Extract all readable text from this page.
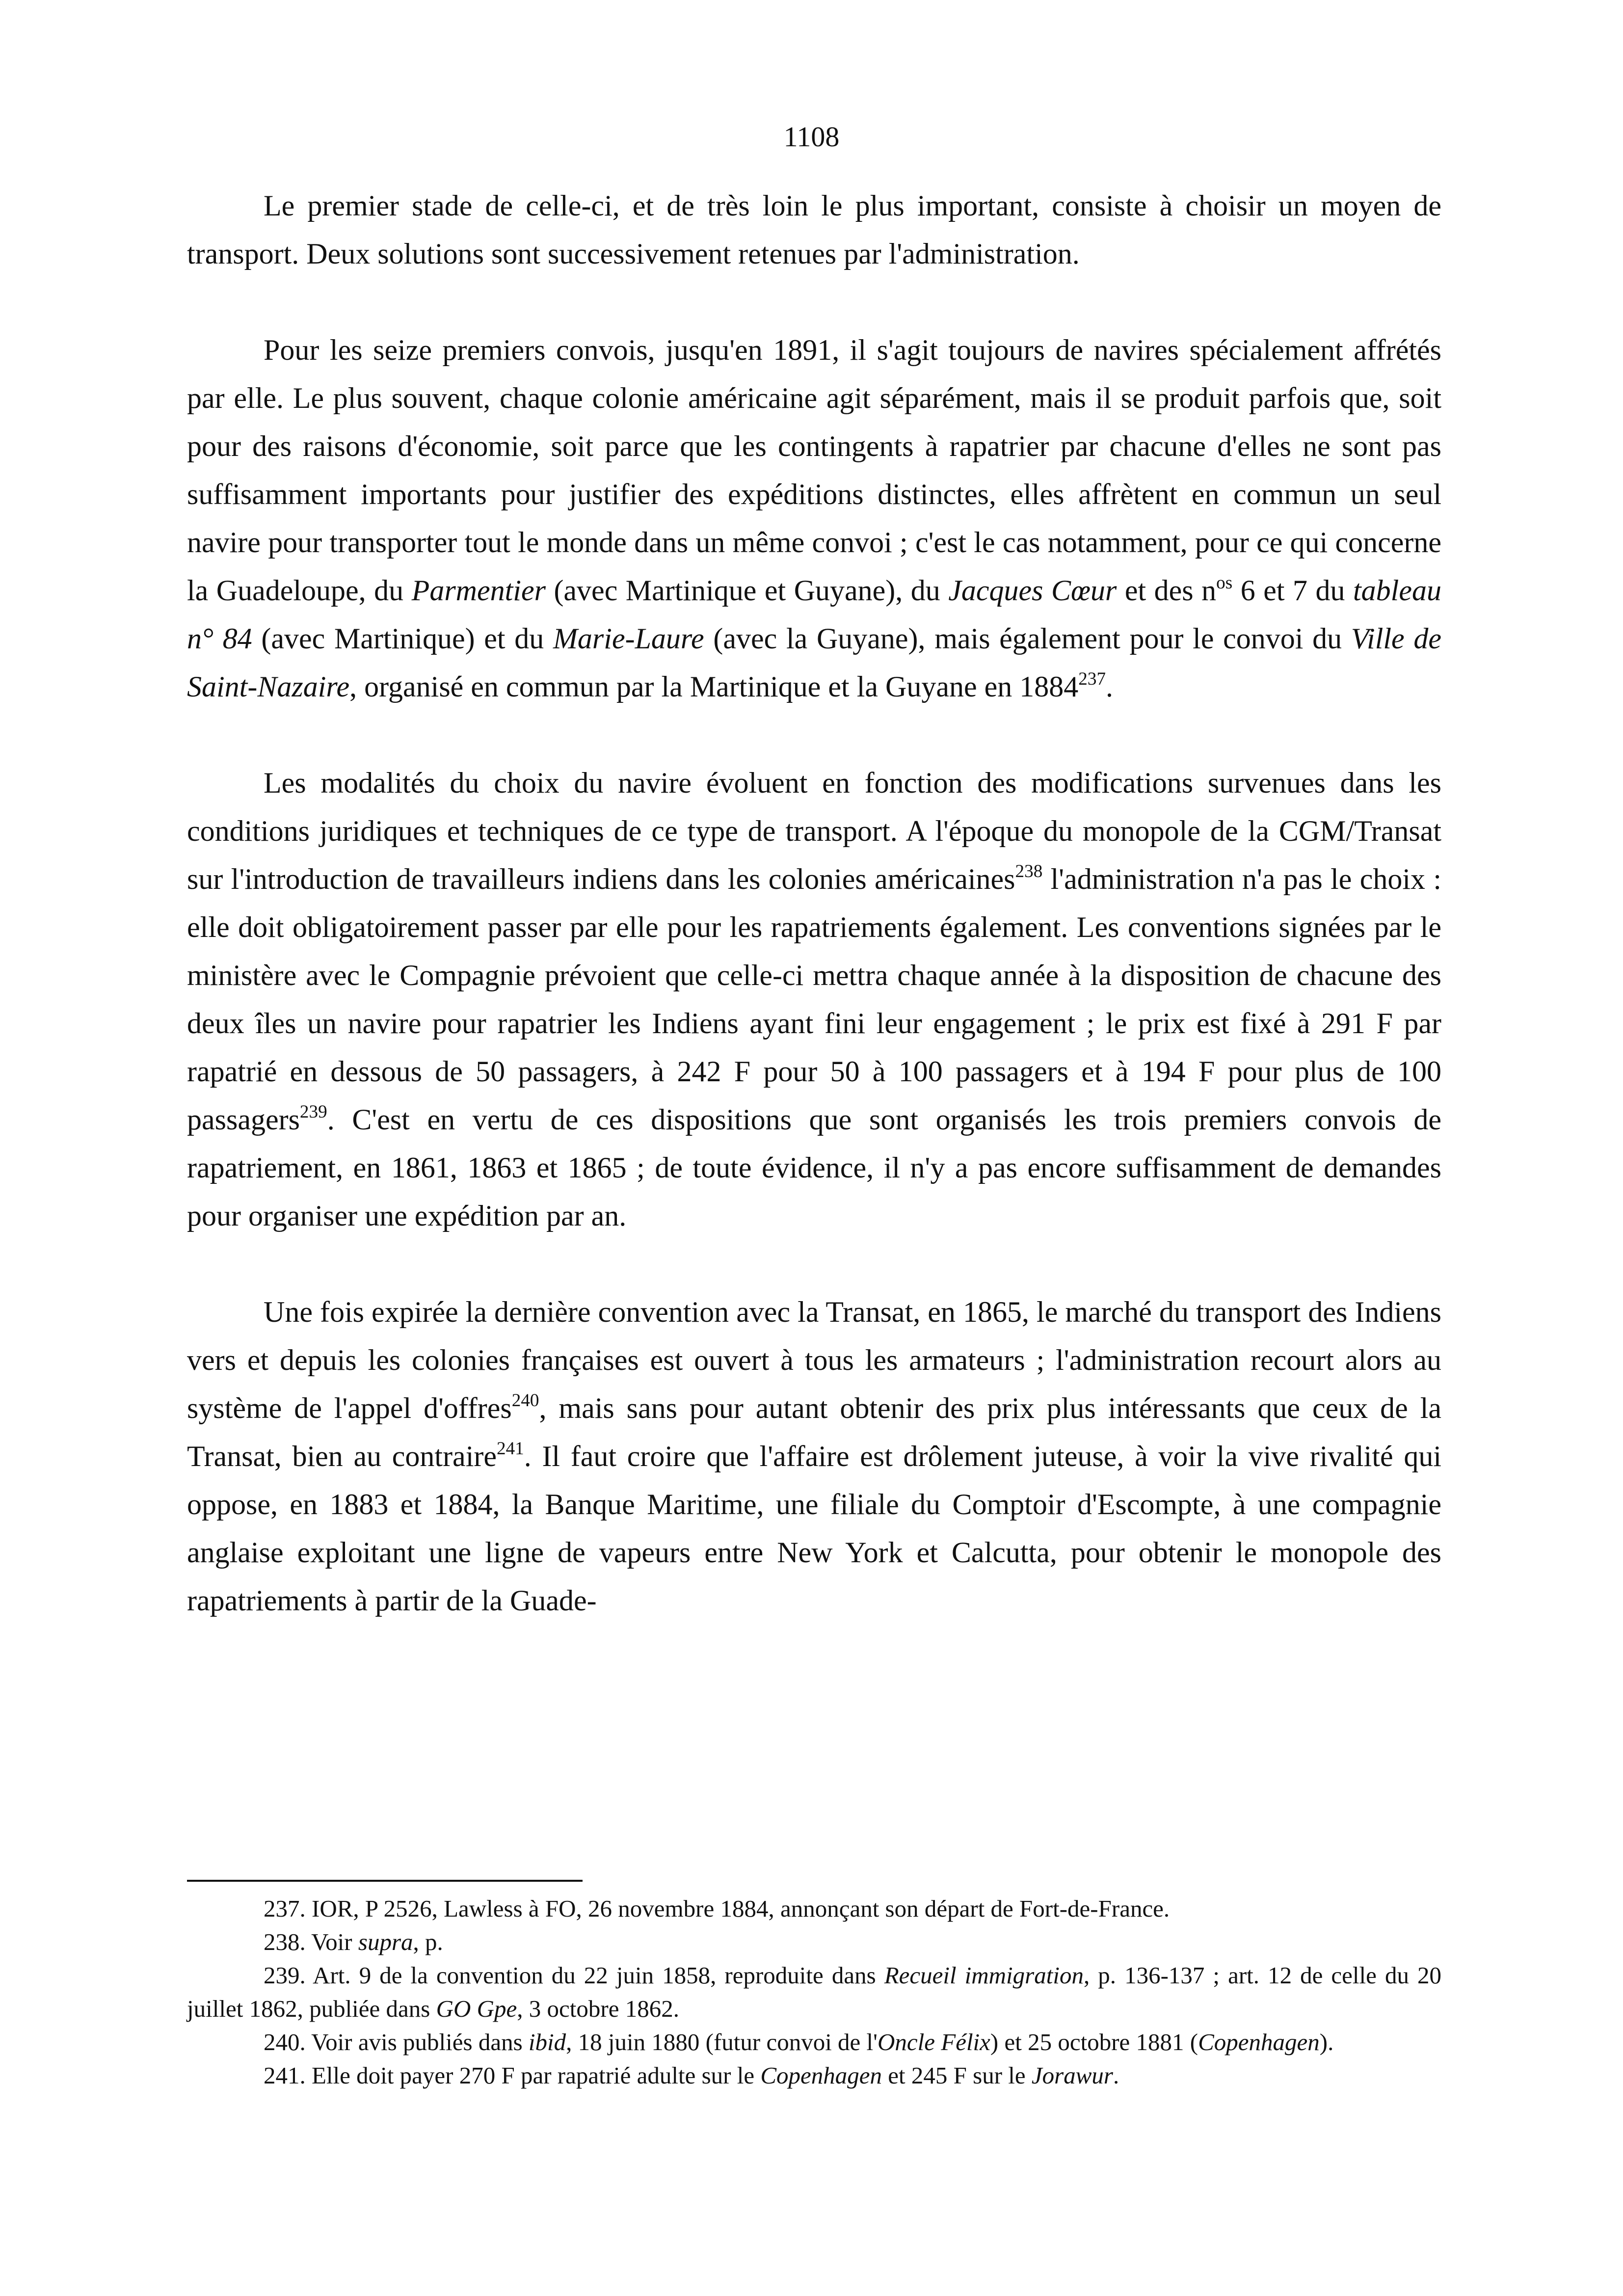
1108

Le premier stade de celle-ci, et de très loin le plus important, consiste à choisir un moyen de transport. Deux solutions sont successivement retenues par l'administration.

Pour les seize premiers convois, jusqu'en 1891, il s'agit toujours de navires spécialement affrétés par elle. Le plus souvent, chaque colonie américaine agit séparément, mais il se produit parfois que, soit pour des raisons d'économie, soit parce que les contingents à rapatrier par chacune d'elles ne sont pas suffisamment importants pour justifier des expéditions distinctes, elles affrètent en commun un seul navire pour transporter tout le monde dans un même convoi ; c'est le cas notamment, pour ce qui concerne la Guadeloupe, du Parmentier (avec Martinique et Guyane), du Jacques Cœur et des $n^{os}$ 6 et 7 du tableau n° 84 (avec Martinique) et du Marie-Laure (avec la Guyane), mais également pour le convoi du Ville de Saint-Nazaire, organisé en commun par la Martinique et la Guyane en 1884$^{237}$.

Les modalités du choix du navire évoluent en fonction des modifications survenues dans les conditions juridiques et techniques de ce type de transport. A l'époque du monopole de la CGM/Transat sur l'introduction de travailleurs indiens dans les colonies américaines$^{238}$ l'administration n'a pas le choix : elle doit obligatoirement passer par elle pour les rapatriements également. Les conventions signées par le ministère avec le Compagnie prévoient que celle-ci mettra chaque année à la disposition de chacune des deux îles un navire pour rapatrier les Indiens ayant fini leur engagement ; le prix est fixé à 291 F par rapatrié en dessous de 50 passagers, à 242 F pour 50 à 100 passagers et à 194 F pour plus de 100 passagers$^{239}$. C'est en vertu de ces dispositions que sont organisés les trois premiers convois de rapatriement, en 1861, 1863 et 1865 ; de toute évidence, il n'y a pas encore suffisamment de demandes pour organiser une expédition par an.

Une fois expirée la dernière convention avec la Transat, en 1865, le marché du transport des Indiens vers et depuis les colonies françaises est ouvert à tous les armateurs ; l'administration recourt alors au système de l'appel d'offres$^{240}$, mais sans pour autant obtenir des prix plus intéressants que ceux de la Transat, bien au contraire$^{241}$. Il faut croire que l'affaire est drôlement juteuse, à voir la vive rivalité qui oppose, en 1883 et 1884, la Banque Maritime, une filiale du Comptoir d'Escompte, à une compagnie anglaise exploitant une ligne de vapeurs entre New York et Calcutta, pour obtenir le monopole des rapatriements à partir de la Guade-

237. IOR, P 2526, Lawless à FO, 26 novembre 1884, annonçant son départ de Fort-de-France.

238. Voir supra, p.

239. Art. 9 de la convention du 22 juin 1858, reproduite dans Recueil immigration, p. 136-137 ; art. 12 de celle du 20 juillet 1862, publiée dans GO Gpe, 3 octobre 1862.

240. Voir avis publiés dans ibid, 18 juin 1880 (futur convoi de l'Oncle Félix) et 25 octobre 1881 (Copenhagen).

241. Elle doit payer 270 F par rapatrié adulte sur le Copenhagen et 245 F sur le Jorawur.
